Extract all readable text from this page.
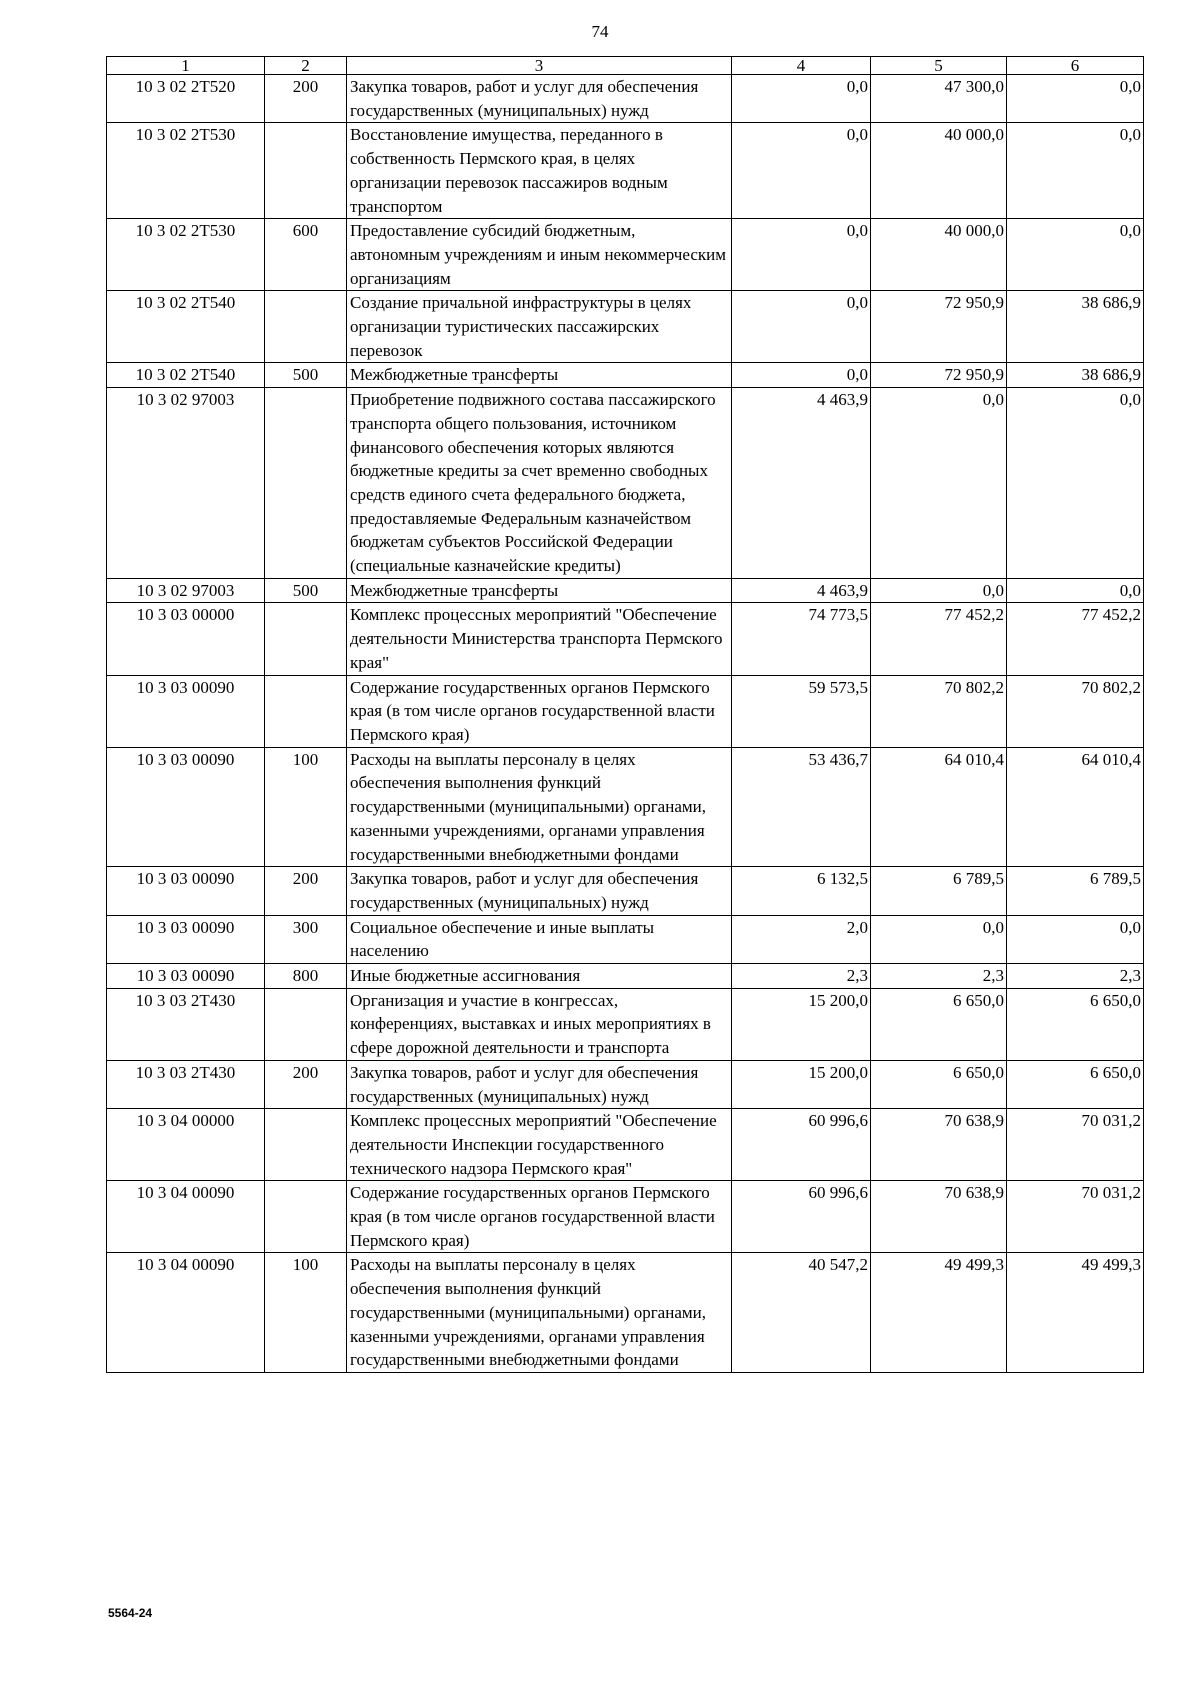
74
1	2	3	4	5	6
10 3 02 2Т520	200	Закупка товаров, работ и услуг для обеспечения государственных (муниципальных) нужд	0,0	47 300,0	0,0
10 3 02 2Т530		Восстановление имущества, переданного в собственность Пермского края, в целях организации перевозок пассажиров водным транспортом	0,0	40 000,0	0,0
10 3 02 2Т530	600	Предоставление субсидий бюджетным, автономным учреждениям и иным некоммерческим организациям	0,0	40 000,0	0,0
10 3 02 2Т540		Создание причальной инфраструктуры в целях организации туристических пассажирских перевозок	0,0	72 950,9	38 686,9
10 3 02 2Т540	500	Межбюджетные трансферты	0,0	72 950,9	38 686,9
10 3 02 97003		Приобретение подвижного состава пассажирского транспорта общего пользования, источником финансового обеспечения которых являются бюджетные кредиты за счет временно свободных средств единого счета федерального бюджета, предоставляемые Федеральным казначейством бюджетам субъектов Российской Федерации (специальные казначейские кредиты)	4 463,9	0,0	0,0
10 3 02 97003	500	Межбюджетные трансферты	4 463,9	0,0	0,0
10 3 03 00000		Комплекс процессных мероприятий "Обеспечение деятельности Министерства транспорта Пермского края"	74 773,5	77 452,2	77 452,2
10 3 03 00090		Содержание государственных органов Пермского края (в том числе органов государственной власти Пермского края)	59 573,5	70 802,2	70 802,2
10 3 03 00090	100	Расходы на выплаты персоналу в целях обеспечения выполнения функций государственными (муниципальными) органами, казенными учреждениями, органами управления государственными внебюджетными фондами	53 436,7	64 010,4	64 010,4
10 3 03 00090	200	Закупка товаров, работ и услуг для обеспечения государственных (муниципальных) нужд	6 132,5	6 789,5	6 789,5
10 3 03 00090	300	Социальное обеспечение и иные выплаты населению	2,0	0,0	0,0
10 3 03 00090	800	Иные бюджетные ассигнования	2,3	2,3	2,3
10 3 03 2Т430		Организация и участие в конгрессах, конференциях, выставках и иных мероприятиях в сфере дорожной деятельности и транспорта	15 200,0	6 650,0	6 650,0
10 3 03 2Т430	200	Закупка товаров, работ и услуг для обеспечения государственных (муниципальных) нужд	15 200,0	6 650,0	6 650,0
10 3 04 00000		Комплекс процессных мероприятий "Обеспечение деятельности Инспекции государственного технического надзора Пермского края"	60 996,6	70 638,9	70 031,2
10 3 04 00090		Содержание государственных органов Пермского края (в том числе органов государственной власти Пермского края)	60 996,6	70 638,9	70 031,2
10 3 04 00090	100	Расходы на выплаты персоналу в целях обеспечения выполнения функций государственными (муниципальными) органами, казенными учреждениями, органами управления государственными внебюджетными фондами	40 547,2	49 499,3	49 499,3
5564-24
